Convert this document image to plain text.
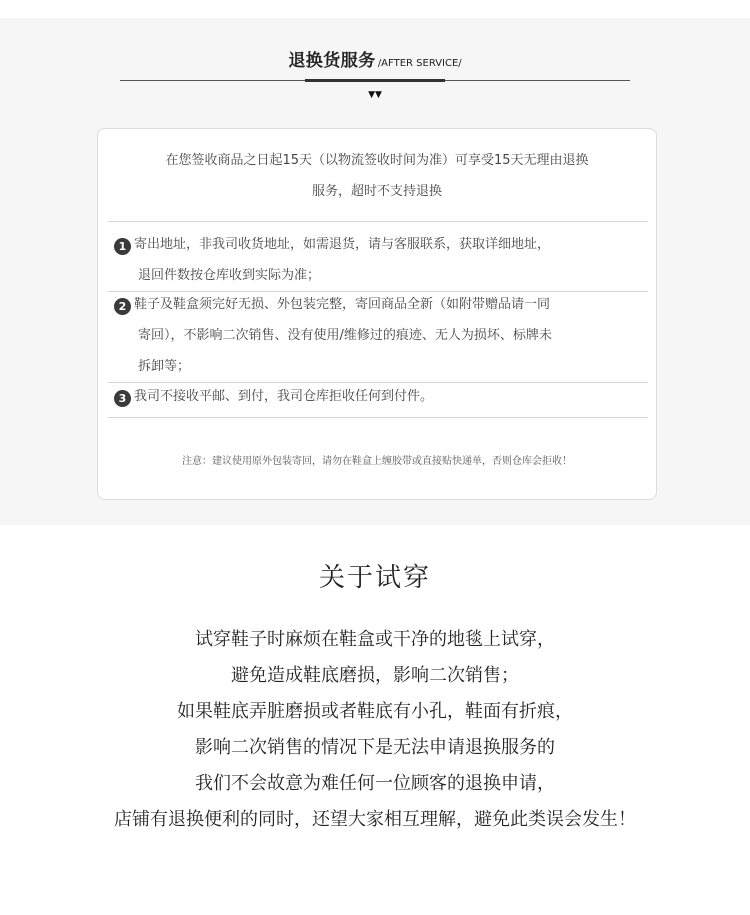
退换货服务 /AFTER SERVICE/
▼▼
在您签收商品之日起15天（以物流签收时间为准）可享受15天无理由退换
服务，超时不支持退换
1 寄出地址，非我司收货地址，如需退货，请与客服联系，获取详细地址，
退回件数按仓库收到实际为准；
2 鞋子及鞋盒须完好无损、外包装完整，寄回商品全新（如附带赠品请一同
寄回），不影响二次销售、没有使用/维修过的痕迹、无人为损坏、标牌未
拆卸等；
3 我司不接收平邮、到付，我司仓库拒收任何到付件。
注意：建议使用原外包装寄回，请勿在鞋盒上缠胶带或直接贴快递单，否则仓库会拒收！
关于试穿
试穿鞋子时麻烦在鞋盒或干净的地毯上试穿，
避免造成鞋底磨损，影响二次销售；
如果鞋底弄脏磨损或者鞋底有小孔，鞋面有折痕，
影响二次销售的情况下是无法申请退换服务的
我们不会故意为难任何一位顾客的退换申请，
店铺有退换便利的同时，还望大家相互理解，避免此类误会发生！
